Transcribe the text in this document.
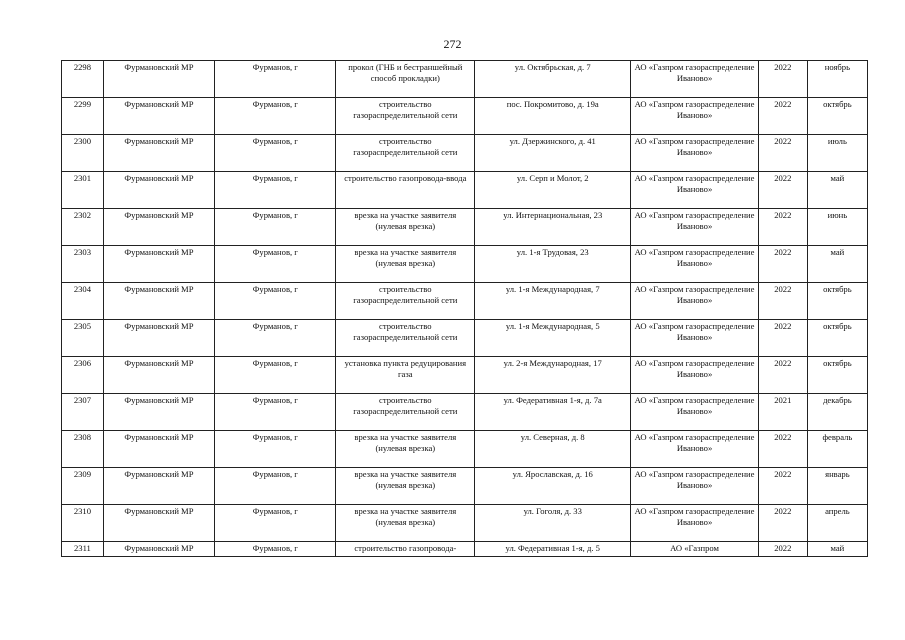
272
2298	Фурмановский МР	Фурманов, г	прокол (ГНБ и бестраншейный способ прокладки)	ул. Октябрьская, д. 7	АО «Газпром газораспределение Иваново»	2022	ноябрь
2299	Фурмановский МР	Фурманов, г	строительство газораспределительной сети	пос. Покромитово, д. 19а	АО «Газпром газораспределение Иваново»	2022	октябрь
2300	Фурмановский МР	Фурманов, г	строительство газораспределительной сети	ул. Дзержинского, д. 41	АО «Газпром газораспределение Иваново»	2022	июль
2301	Фурмановский МР	Фурманов, г	строительство газопровода-ввода	ул. Серп и Молот, 2	АО «Газпром газораспределение Иваново»	2022	май
2302	Фурмановский МР	Фурманов, г	врезка на участке заявителя (нулевая врезка)	ул. Интернациональная, 23	АО «Газпром газораспределение Иваново»	2022	июнь
2303	Фурмановский МР	Фурманов, г	врезка на участке заявителя (нулевая врезка)	ул. 1-я Трудовая, 23	АО «Газпром газораспределение Иваново»	2022	май
2304	Фурмановский МР	Фурманов, г	строительство газораспределительной сети	ул. 1-я Международная, 7	АО «Газпром газораспределение Иваново»	2022	октябрь
2305	Фурмановский МР	Фурманов, г	строительство газораспределительной сети	ул. 1-я Международная, 5	АО «Газпром газораспределение Иваново»	2022	октябрь
2306	Фурмановский МР	Фурманов, г	установка пункта редуцирования газа	ул. 2-я Международная, 17	АО «Газпром газораспределение Иваново»	2022	октябрь
2307	Фурмановский МР	Фурманов, г	строительство газораспределительной сети	ул. Федеративная 1-я, д. 7а	АО «Газпром газораспределение Иваново»	2021	декабрь
2308	Фурмановский МР	Фурманов, г	врезка на участке заявителя (нулевая врезка)	ул. Северная, д. 8	АО «Газпром газораспределение Иваново»	2022	февраль
2309	Фурмановский МР	Фурманов, г	врезка на участке заявителя (нулевая врезка)	ул. Ярославская, д. 16	АО «Газпром газораспределение Иваново»	2022	январь
2310	Фурмановский МР	Фурманов, г	врезка на участке заявителя (нулевая врезка)	ул. Гоголя, д. 33	АО «Газпром газораспределение Иваново»	2022	апрель
2311	Фурмановский МР	Фурманов, г	строительство газопровода-	ул. Федеративная 1-я, д. 5	АО «Газпром	2022	май
